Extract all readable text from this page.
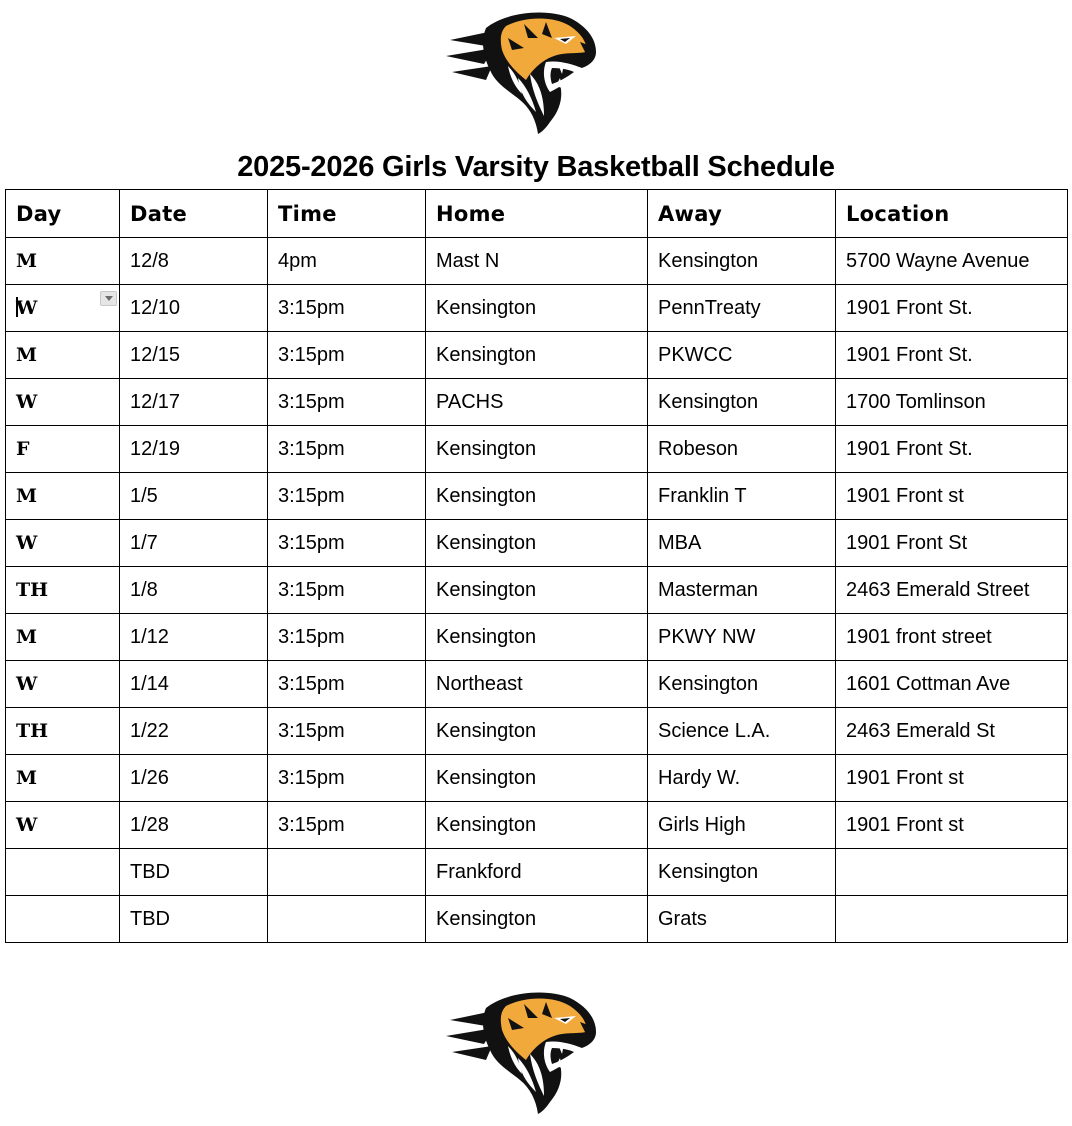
2025-2026 Girls Varsity Basketball Schedule
Day	Date	Time	Home	Away	Location
M	12/8	4pm	Mast N	Kensington	5700 Wayne Avenue
W	12/10	3:15pm	Kensington	PennTreaty	1901 Front St.
M	12/15	3:15pm	Kensington	PKWCC	1901 Front St.
W	12/17	3:15pm	PACHS	Kensington	1700 Tomlinson
F	12/19	3:15pm	Kensington	Robeson	1901 Front St.
M	1/5	3:15pm	Kensington	Franklin T	1901 Front st
W	1/7	3:15pm	Kensington	MBA	1901 Front St
TH	1/8	3:15pm	Kensington	Masterman	2463 Emerald Street
M	1/12	3:15pm	Kensington	PKWY NW	1901 front street
W	1/14	3:15pm	Northeast	Kensington	1601 Cottman Ave
TH	1/22	3:15pm	Kensington	Science L.A.	2463 Emerald St
M	1/26	3:15pm	Kensington	Hardy W.	1901 Front st
W	1/28	3:15pm	Kensington	Girls High	1901 Front st
	TBD		Frankford	Kensington	
	TBD		Kensington	Grats	
